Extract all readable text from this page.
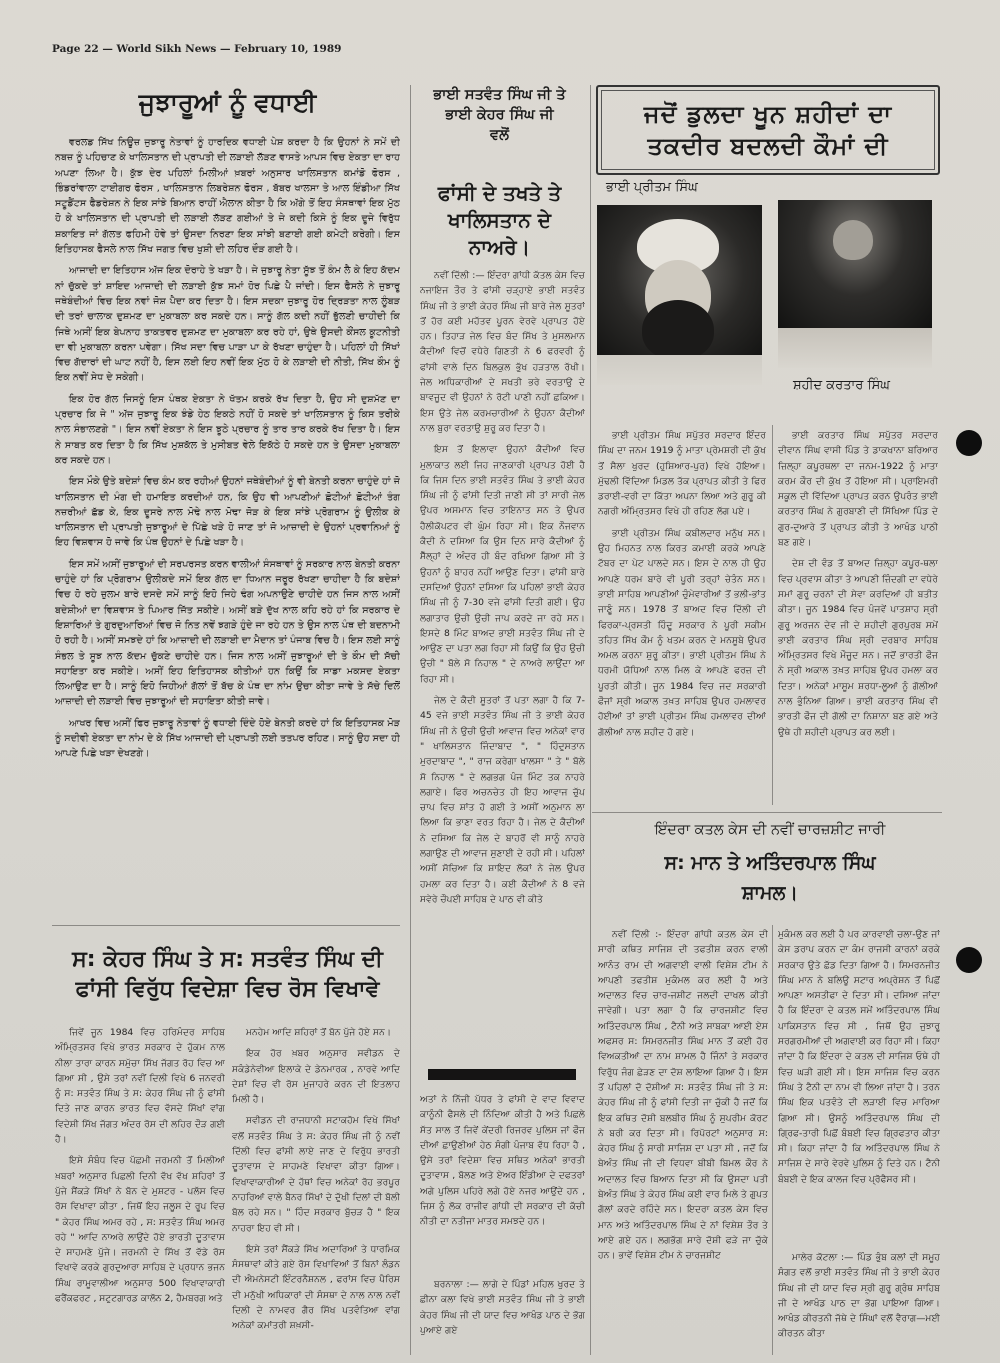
Page 22 — World Sikh News — February 10, 1989
ਜੁਝਾਰੂਆਂ ਨੂੰ ਵਧਾਈ

ਵਰਲਡ ਸਿੱਖ ਨਿਊਜ਼ ਜੁਝਾਰੂ ਨੇਤਾਵਾਂ ਨੂੰ ਹਾਰਦਿਕ ਵਧਾਈ ਪੇਸ਼ ਕਰਦਾ ਹੈ ਕਿ ਉਹਨਾਂ ਨੇ ਸਮੇਂ ਦੀ ਨਬਜ਼ ਨੂੰ ਪਹਿਚਾਣ ਕੇ ਖਾਲਿਸਤਾਨ ਦੀ ਪ੍ਰਾਪਤੀ ਦੀ ਲੜਾਈ ਲੱੜਣ ਵਾਸਤੇ ਆਪਸ ਵਿਚ ਏਕਤਾ ਦਾ ਰਾਹ ਅਪਣਾ ਲਿਆ ਹੈ। ਕੁੱਝ ਦੇਰ ਪਹਿਲਾਂ ਮਿਲੀਆਂ ਖ਼ਬਰਾਂ ਅਨੁਸਾਰ ਖਾਲਿਸਤਾਨ ਕਮਾਂਡੋ ਫੋਰਸ , ਭਿੰਡਰਾਂਵਾਲਾ ਟਾਈਗਰ ਫੋਰਸ , ਖਾਲਿਸਤਾਨ ਲਿਬਰੇਸ਼ਨ ਫੋਰਸ , ਬੱਬਰ ਖਾਲਸਾ ਤੇ ਆਲ ਇੰਡੀਆ ਸਿੱਖ ਸਟੂਡੈਂਟਸ ਫੈਡਰੇਸ਼ਨ ਨੇ ਇਕ ਸਾਂਝੇ ਬਿਆਨ ਰਾਹੀਂ ਐਲਾਨ ਕੀਤਾ ਹੈ ਕਿ ਅੱਗੇ ਤੋਂ ਇਹ ਸੰਸਥਾਵਾਂ ਇਕ ਮੁੱਠ ਹੋ ਕੇ ਖਾਲਿਸਤਾਨ ਦੀ ਪ੍ਰਾਪਤੀ ਦੀ ਲੜਾਈ ਲੱੜਣ ਗਈਆਂ ਤੇ ਜੇ ਕਦੀ ਕਿਸੇ ਨੂੰ ਇਕ ਦੂਜੇ ਵਿਰੁੱਧ ਸ਼ਕਾਇਤ ਜਾਂ ਗੱਲਤ ਫਹਿਮੀ ਹੋਵੇ ਤਾਂ ਉਸਦਾ ਨਿਰਣਾ ਇਕ ਸਾਂਝੀ ਬਣਾਈ ਗਈ ਕਮੇਟੀ ਕਰੇਗੀ। ਇਸ ਇਤਿਹਾਸਕ ਫੈਸਲੇ ਨਾਲ ਸਿੱਖ ਜਗਤ ਵਿਚ ਖੁਸ਼ੀ ਦੀ ਲਹਿਰ ਦੌੜ ਗਈ ਹੈ।

ਆਜਾਦੀ ਦਾ ਇਤਿਹਾਸ ਅੱਜ ਇਕ ਦੋਰਾਹੇ ਤੇ ਖੜਾ ਹੈ। ਜੇ ਜੁਝਾਰੂ ਨੇਤਾ ਸੂੱਝ ਤੋਂ ਕੰਮ ਲੈ ਕੇ ਇਹ ਕੱਦਮ ਨਾਂ ਚੁੱਕਦੇ ਤਾਂ ਸ਼ਾਇਦ ਆਜਾਦੀ ਦੀ ਲੜਾਈ ਕੁੱਝ ਸਮਾਂ ਹੋਰ ਪਿਛੇ ਪੈ ਜਾਂਦੀ। ਇਸ ਫੈਸਲੇ ਨੇ ਜੁਝਾਰੂ ਜਥੇਬੰਦੀਆਂ ਵਿਚ ਇਕ ਨਵਾਂ ਜੋਸ਼ ਪੈਦਾ ਕਰ ਦਿਤਾ ਹੈ। ਇਸ ਸਦਕਾ ਜੁਝਾਰੂ ਹੋਰ ਦ੍ਰਿੜਤਾ ਨਾਲ ਲੂੰਬੜ ਦੀ ਤਰਾਂ ਚਾਲਾਕ ਦੁਸ਼ਮਣ ਦਾ ਮੁਕਾਬਲਾ ਕਰ ਸਕਦੇ ਹਨ। ਸਾਨੂੰ ਗੱਲ ਕਦੀ ਨਹੀਂ ਭੁੱਲਣੀ ਚਾਹੀਦੀ ਕਿ ਜਿਥੇ ਅਸੀਂ ਇਕ ਬੇਪਨਾਹ ਤਾਕਤਵਰ ਦੁਸ਼ਮਣ ਦਾ ਮੁਕਾਬਲਾ ਕਰ ਰਹੇ ਹਾਂ, ਉਥੇ ਉਸਦੀ ਕੌਂਸਲ ਕੂਟਨੀਤੀ ਦਾ ਵੀ ਮੁਕਾਬਲਾ ਕਰਨਾ ਪਵੇਗਾ। ਸਿੱਖ ਸਦਾ ਵਿਚ ਪਾੜਾ ਪਾ ਕੇ ਰੱਖਣਾ ਚਾਹੁੰਦਾ ਹੈ। ਪਹਿਲਾਂ ਹੀ ਸਿੱਖਾਂ ਵਿਚ ਗੱਦਾਰਾਂ ਦੀ ਘਾਟ ਨਹੀਂ ਹੈ, ਇਸ ਲਈ ਇਹ ਨਵੀਂ ਇਕ ਮੁੱਠ ਹੋ ਕੇ ਲੜਾਈ ਦੀ ਨੀਤੀ, ਸਿੱਖ ਕੌਮ ਨੂੰ ਇਕ ਨਵੀਂ ਸੇਧ ਦੇ ਸਕੇਗੀ।

ਇਕ ਹੋਰ ਗੱਲ ਜਿਸਨੂੰ ਇਸ ਪੰਥਕ ਏਕਤਾ ਨੇ ਖੱਤਮ ਕਰਕੇ ਰੱਖ ਦਿਤਾ ਹੈ, ਉਹ ਸੀ ਦੁਸ਼ਮੱਣ ਦਾ ਪ੍ਰਚਾਰ ਕਿ ਜੇ " ਅੱਜ ਜੁਝਾਰੂ ਇਕ ਝੰਡੇ ਹੇਠ ਇਕਠੇ ਨਹੀਂ ਹੋ ਸਕਦੇ ਤਾਂ ਖਾਲਿਸਤਾਨ ਨੂੰ ਕਿਸ ਤਰੀਕੇ ਨਾਲ ਸੰਭਾਲਣਗੇ "। ਇਸ ਨਵੀਂ ਏਕਤਾ ਨੇ ਇਸ ਝੂਠੇ ਪ੍ਰਚਾਰ ਨੂੰ ਤਾਰ ਤਾਰ ਕਰਕੇ ਰੱਖ ਦਿਤਾ ਹੈ। ਇਸ ਨੇ ਸਾਬਤ ਕਰ ਦਿਤਾ ਹੈ ਕਿ ਸਿੱਖ ਮੁਸ਼ਕੱਲ ਤੇ ਮੁਸੀਬਤ ਵੇਲੇ ਇਕੱਠੇ ਹੋ ਸਕਦੇ ਹਨ ਤੇ ਉਸਦਾ ਮੁਕਾਬਲਾ ਕਰ ਸਕਦੇ ਹਨ।

ਇਸ ਮੌਕੇ ਉਤੇ ਬਦੇਸ਼ਾਂ ਵਿਚ ਕੰਮ ਕਰ ਰਹੀਆਂ ਉਹਨਾਂ ਜਥੇਬੰਦੀਆਂ ਨੂੰ ਵੀ ਬੇਨਤੀ ਕਰਨਾ ਚਾਹੁੰਦੇ ਹਾਂ ਜੋ ਖਾਲਿਸਤਾਨ ਦੀ ਮੰਗ ਦੀ ਹਮਾਇਤ ਕਰਦੀਆਂ ਹਨ, ਕਿ ਉਹ ਵੀ ਆਪਣੀਆਂ ਛੋਟੀਆਂ ਛੋਟੀਆਂ ਤੰਗ ਨਜ਼ਰੀਆਂ ਛੱਡ ਕੇ, ਇਕ ਦੂਸਰੇ ਨਾਲ ਮੋਢੇ ਨਾਲ ਮੋਢਾ ਜੋੜ ਕੇ ਇਕ ਸਾਂਝੇ ਪ੍ਰੋਗਰਾਮ ਨੂੰ ਉਲੀਕ ਕੇ ਖਾਲਿਸਤਾਨ ਦੀ ਪ੍ਰਾਪਤੀ ਜੁਝਾਰੂਆਂ ਦੇ ਪਿੱਛੇ ਖੜੇ ਹੋ ਜਾਣ ਤਾਂ ਜੋ ਆਜ਼ਾਦੀ ਦੇ ਉਹਨਾਂ ਪ੍ਰਵਾਨਿਆਂ ਨੂੰ ਇਹ ਵਿਸ਼ਵਾਸ ਹੋ ਜਾਵੇ ਕਿ ਪੰਥ ਉਹਨਾਂ ਦੇ ਪਿਛੇ ਖੜਾ ਹੈ।

ਇਸ ਸਮੇਂ ਅਸੀਂ ਜੁਝਾਰੂਆਂ ਦੀ ਸਰਪਰਸਤ ਕਰਨ ਵਾਲੀਆਂ ਸੰਸਥਾਵਾਂ ਨੂੰ ਸਰਕਾਰ ਨਾਲ ਬੇਨਤੀ ਕਰਨਾ ਚਾਹੁੰਦੇ ਹਾਂ ਕਿ ਪ੍ਰੋਗਰਾਮ ਉਲੀਕਦੇ ਸਮੇਂ ਇਕ ਗੱਲ ਦਾ ਧਿਆਨ ਜਰੂਰ ਰੱਖਣਾ ਚਾਹੀਦਾ ਹੈ ਕਿ ਬਦੇਸ਼ਾਂ ਵਿਚ ਹੋ ਰਹੇ ਜ਼ੁਲਮ ਬਾਰੇ ਦਸਦੇ ਸਮੇਂ ਸਾਨੂੰ ਇਹੋ ਜਿਹੇ ਢੰਗ ਅਪਨਾਉਣੇ ਚਾਹੀਦੇ ਹਨ ਜਿਸ ਨਾਲ ਅਸੀਂ ਬਦੇਸ਼ੀਆਂ ਦਾ ਵਿਸ਼ਵਾਸ ਤੇ ਪਿਆਰ ਜਿੱਤ ਸਕੀਏ। ਅਸੀਂ ਬੜੇ ਦੁੱਖ ਨਾਲ ਕਹਿ ਰਹੇ ਹਾਂ ਕਿ ਸਰਕਾਰ ਦੇ ਇਸ਼ਾਰਿਆਂ ਤੇ ਗੁਰਦੁਆਰਿਆਂ ਵਿਚ ਜੋ ਨਿਤ ਨਵੇਂ ਝਗੜੇ ਹੁੰਦੇ ਜਾ ਰਹੇ ਹਨ ਤੇ ਉਸ ਨਾਲ ਪੰਥ ਦੀ ਬਦਨਾਮੀ ਹੋ ਰਹੀ ਹੈ। ਅਸੀਂ ਸਮਝਦੇ ਹਾਂ ਕਿ ਆਜ਼ਾਦੀ ਦੀ ਲੜਾਈ ਦਾ ਮੈਦਾਨ ਤਾਂ ਪੰਜਾਬ ਵਿਚ ਹੈ। ਇਸ ਲਈ ਸਾਨੂੰ ਸੰਭਲ ਤੇ ਸੂਝ ਨਾਲ ਕੱਦਮ ਚੁੱਕਣੇ ਚਾਹੀਦੇ ਹਨ। ਜਿਸ ਨਾਲ ਅਸੀਂ ਜੁਝਾਰੂਆਂ ਦੀ ਤੇ ਕੌਮ ਦੀ ਸੱਚੀ ਸਹਾਇਤਾ ਕਰ ਸਕੀਏ। ਅਸੀਂ ਇਹ ਇਤਿਹਾਸਕ ਕੀਤੀਆਂ ਹਨ ਕਿਉਂ ਕਿ ਸਾਡਾ ਮਕਸਦ ਏਕਤਾ ਲਿਆਉਣ ਦਾ ਹੈ। ਸਾਨੂੰ ਇਹੋ ਜਿਹੀਆਂ ਗੱਲਾਂ ਤੋਂ ਬੱਚ ਕੇ ਪੰਥ ਦਾ ਨਾਂਮ ਉਚਾ ਕੀਤਾ ਜਾਵੇ ਤੇ ਸੱਚੇ ਦਿਲੋਂ ਆਜ਼ਾਦੀ ਦੀ ਲੜਾਈ ਵਿਚ ਜੁਝਾਰੂਆਂ ਦੀ ਸਹਾਇਤਾ ਕੀਤੀ ਜਾਵੇ।

ਆਖਰ ਵਿਚ ਅਸੀਂ ਫਿਰ ਜੁਝਾਰੂ ਨੇਤਾਵਾਂ ਨੂੰ ਵਧਾਈ ਦਿੰਦੇ ਹੋਏ ਬੇਨਤੀ ਕਰਦੇ ਹਾਂ ਕਿ ਇਤਿਹਾਸਕ ਮੋੜ ਨੂੰ ਸਦੀਵੀ ਏਕਤਾ ਦਾ ਨਾਂਮ ਦੇ ਕੇ ਸਿੱਖ ਆਜਾਦੀ ਦੀ ਪ੍ਰਾਪਤੀ ਲਈ ਤਤਪਰ ਰਹਿਣ। ਸਾਨੂੰ ਉਹ ਸਦਾ ਹੀ ਆਪਣੇ ਪਿਛੇ ਖੜਾ ਦੇਖਣਗੇ।

ਸ: ਕੇਹਰ ਸਿੰਘ ਤੇ ਸ: ਸਤਵੰਤ ਸਿੰਘ ਦੀ
ਫਾਂਸੀ ਵਿਰੁੱਧ ਵਿਦੇਸ਼ਾ ਵਿਚ ਰੋਸ ਵਿਖਾਵੇ

ਜਿਵੇਂ ਜੂਨ 1984 ਵਿਚ ਹਰਿਮੰਦਰ ਸਾਹਿਬ ਅੰਮ੍ਰਿਤਸਰ ਵਿਖੇ ਭਾਰਤ ਸਰਕਾਰ ਦੇ ਹੁੱਕਮ ਨਾਲ ਨੀਲਾ ਤਾਰਾ ਕਾਰਨ ਸਮੁੱਚਾ ਸਿੱਖ ਜੱਗਤ ਰੋਹ ਵਿਚ ਆ ਗਿਆ ਸੀ , ਉਸੇ ਤਰਾਂ ਨਵੀਂ ਦਿਲੀ ਵਿਖੇ 6 ਜਨਵਰੀ ਨੂੰ ਸ: ਸਤਵੰਤ ਸਿੰਘ ਤੇ ਸ: ਕੇਹਰ ਸਿੰਘ ਜੀ ਨੂੰ ਫਾਂਸੀ ਦਿਤੇ ਜਾਣ ਕਾਰਨ ਭਾਰਤ ਵਿਚ ਵੱਸਦੇ ਸਿੱਖਾਂ ਵਾਂਗ ਵਿਦੇਸ਼ੀ ਸਿੱਖ ਜੱਗਤ ਅੰਦਰ ਰੋਸ ਦੀ ਲਹਿਰ ਦੌੜ ਗਈ ਹੈ।

ਇਸੇ ਸੰਬੰਧ ਵਿਚ ਪੱਛਮੀ ਜਰਮਨੀ ਤੋਂ ਮਿਲੀਆਂ ਖ਼ਬਰਾਂ ਅਨੁਸਾਰ ਪਿਛਲੀ ਦਿਨੀ ਵੱਖ ਵੱਖ ਸ਼ਹਿਰਾਂ ਤੋਂ ਪੁੱਜੇ ਸੈਂਕੜੇ ਸਿੱਖਾਂ ਨੇ ਬੋਨ ਦੇ ਮੁਸ਼ਟਰ - ਪਲੱਸ ਵਿਚ ਰੋਸ ਵਿਖਾਵਾ ਕੀਤਾ , ਜਿਥੋਂ ਇਹ ਜਲੂਸ ਦੇ ਰੂਪ ਵਿਚ " ਕੇਹਰ ਸਿੰਘ ਅਮਰ ਰਹੇ , ਸ: ਸਤਵੰਤ ਸਿੰਘ ਅਮਰ ਰਹੇ " ਆਦਿ ਨਾਅਰੇ ਲਾਉਂਦੇ ਹੋਏ ਭਾਰਤੀ ਦੂਤਾਵਾਸ ਦੇ ਸਾਹਮਣੇ ਪੁੱਜੇ। ਜਰਮਨੀ ਦੇ ਸਿੱਖ ਤੋਂ ਵੱਡੇ ਰੋਸ ਵਿਖਾਵੇ ਕਰਕੇ ਗੁਰਦੁਆਰਾ ਸਾਹਿਬ ਦੇ ਪ੍ਰਧਾਨ ਭਜਨ ਸਿੰਘ ਰਾਮੂਵਾਲੀਆ ਅਨੁਸਾਰ 500 ਵਿਖਾਵਾਕਾਰੀ ਫਰੈਂਕਫਰਟ , ਸਟੁਟਗਾਰਡ ਕਾਲੋਨ 2, ਹੈਮਬਰਗ ਅਤੇ

ਮਨਹੇਮ ਆਦਿ ਸ਼ਹਿਰਾਂ ਤੋਂ ਬੋਨ ਪੁੱਜੇ ਹੋਏ ਸਨ।

ਇਕ ਹੋਰ ਖ਼ਬਰ ਅਨੁਸਾਰ ਸਵੀਡਨ ਦੇ ਸਕੰਡੇਨੇਵੀਆ ਇਲਾਕੇ ਦੇ ਡੇਨਮਾਰਕ , ਨਾਰਵੇ ਆਦਿ ਦੇਸ਼ਾਂ ਵਿਚ ਵੀ ਰੋਸ ਮੁਜਾਹਰੇ ਕਰਨ ਦੀ ਇਤਲਾਹ ਮਿਲੀ ਹੈ।

ਸਵੀਡਨ ਦੀ ਰਾਜਧਾਨੀ ਸਟਾਕਹੋਮ ਵਿਖੇ ਸਿੱਖਾਂ ਵਲੋਂ ਸਤਵੰਤ ਸਿੰਘ ਤੇ ਸ: ਕੇਹਰ ਸਿੰਘ ਜੀ ਨੂੰ ਨਵੀਂ ਦਿੱਲੀ ਵਿਚ ਫਾਂਸੀ ਲਾਏ ਜਾਣ ਦੇ ਵਿਰੁੱਧ ਭਾਰਤੀ ਦੂਤਾਵਾਸ ਦੇ ਸਾਹਮਣੇ ਵਿਖਾਵਾ ਕੀਤਾ ਗਿਆ। ਵਿਖਾਵਾਕਾਰੀਆਂ ਦੇ ਹੱਥਾਂ ਵਿਚ ਅਨੇਕਾਂ ਰੋਹ ਭਰਪੂਰ ਨਾਹਰਿਆਂ ਵਾਲੇ ਬੈਨਰ ਸਿੱਖਾਂ ਦੇ ਦੁੱਖੀ ਦਿਲਾਂ ਦੀ ਬੋਲੀ ਬੋਲ ਰਹੇ ਸਨ। " ਹਿੰਦ ਸਰਕਾਰ ਬੁੱਚੜ ਹੈ " ਇਕ ਨਾਹਰਾ ਇਹ ਵੀ ਸੀ।

ਇਸੇ ਤਰਾਂ ਸੈਂਕੜੇ ਸਿੱਖ ਅਦਾਰਿਆਂ ਤੇ ਧਾਰਮਿਕ ਸੰਸਥਾਵਾਂ ਕੀਤੇ ਗਏ ਰੋਸ ਵਿਖਾਵਿਆਂ ਤੋਂ ਬਿਨਾਂ ਲੰਡਨ ਦੀ ਐਮਨੇਸਟੀ ਇੰਟਰਨੈਸ਼ਨਲ , ਫਰਾਂਸ ਵਿਚ ਪੈਰਿਸ ਦੀ ਮਨੁੱਖੀ ਅਧਿਕਾਰਾਂ ਦੀ ਸੰਸਥਾ ਦੇ ਨਾਲ ਨਾਲ ਨਵੀਂ ਦਿਲੀ ਦੇ ਨਾਮਵਰ ਗੈਰ ਸਿੱਖ ਪਤਵੰਤਿਆ ਵਾਂਗ ਅਨੇਕਾਂ ਕਮਾਂਤਰੀ ਸ਼ਖ਼ਸੀ-

ਭਾਈ ਸਤਵੰਤ ਸਿੰਘ ਜੀ ਤੇ
ਭਾਈ ਕੇਹਰ ਸਿੰਘ ਜੀ
ਵਲੋਂ
ਫਾਂਸੀ ਦੇ ਤਖਤੇ ਤੇ
ਖਾਲਿਸਤਾਨ ਦੇ
ਨਾਅਰੇ।

ਨਵੀਂ ਦਿੱਲੀ :— ਇੰਦਰਾ ਗਾਂਧੀ ਕੱਤਲ ਕੇਸ ਵਿਚ ਨਜਾਇਜ ਤੌਰ ਤੇ ਫਾਂਸੀ ਚੜ੍ਹਾਏ ਭਾਈ ਸਤਵੰਤ ਸਿੰਘ ਜੀ ਤੇ ਭਾਈ ਕੇਹਰ ਸਿੰਘ ਜੀ ਬਾਰੇ ਜੇਲ ਸੂਤਰਾਂ ਤੋਂ ਹੋਰ ਕਈ ਮਹੱਤਵ ਪੂਰਨ ਵੇਰਵੇ ਪ੍ਰਾਪਤ ਹੋਏ ਹਨ। ਤਿਹਾੜ ਜੇਲ ਵਿਚ ਬੰਦ ਸਿੱਖ ਤੇ ਮੁਸਲਮਾਨ ਕੈਦੀਆਂ ਵਿਚੋਂ ਵਧੇਰੇ ਗਿਣਤੀ ਨੇ 6 ਫਰਵਰੀ ਨੂੰ ਫਾਂਸੀ ਵਾਲੇ ਦਿਨ ਬਿਲਕੁਲ ਭੁੱਖ ਹੜਤਾਲ ਰੱਖੀ। ਜੇਲ ਅਧਿਕਾਰੀਆਂ ਦੇ ਸਖਤੀ ਭਰੇ ਵਰਤਾਉ ਦੇ ਬਾਵਜੂਦ ਵੀ ਉਹਨਾਂ ਨੇ ਰੋਟੀ ਪਾਣੀ ਨਹੀਂ ਛਕਿਆ। ਇਸ ਉਤੇ ਜੇਲ ਕਰਮਚਾਰੀਆਂ ਨੇ ਉਹਨਾ ਕੈਦੀਆਂ ਨਾਲ ਬੁਰਾ ਵਰਤਾਉ ਸ਼ੁਰੂ ਕਰ ਦਿਤਾ ਹੈ।

ਇਸ ਤੋਂ ਇਲਾਵਾ ਉਹਨਾਂ ਕੈਦੀਆਂ ਵਿਚ ਮੁਲਾਕਾਤ ਲਈ ਜਿਹ ਜਾਣਕਾਰੀ ਪ੍ਰਾਪਤ ਹੋਈ ਹੈ ਕਿ ਜਿਸ ਦਿਨ ਭਾਈ ਸਤਵੰਤ ਸਿੰਘ ਤੇ ਭਾਈ ਕੇਹਰ ਸਿੰਘ ਜੀ ਨੂੰ ਫਾਂਸੀ ਦਿਤੀ ਜਾਣੀ ਸੀ ਤਾਂ ਸਾਰੀ ਜੇਲ ਉਪਰ ਅਸਮਾਨ ਵਿਚ ਤਾਇਨਾਤ ਸਨ ਤੇ ਉਪਰ ਹੈਲੀਕੋਪਟਰ ਵੀ ਘੁੰਮ ਰਿਹਾ ਸੀ। ਇਕ ਨੌਜਵਾਨ ਕੈਦੀ ਨੇ ਦਸਿਆ ਕਿ ਉਸ ਦਿਨ ਸਾਰੇ ਕੈਦੀਆਂ ਨੂੰ ਸੈੱਲ੍ਹਾਂ ਦੇ ਅੰਦਰ ਹੀ ਬੰਦ ਰਖਿਆ ਗਿਆ ਸੀ ਤੇ ਉਹਨਾਂ ਨੂੰ ਬਾਹਰ ਨਹੀਂ ਆਉਣ ਦਿਤਾ। ਫਾਂਸੀ ਬਾਰੇ ਦਸਦਿਆਂ ਉਹਨਾਂ ਦਸਿਆ ਕਿ ਪਹਿਲਾਂ ਭਾਈ ਕੇਹਰ ਸਿੰਘ ਜੀ ਨੂੰ 7-30 ਵਜੇ ਫਾਂਸੀ ਦਿਤੀ ਗਈ। ਉਹ ਲਗਾਤਾਰ ਉਚੀ ਉਚੀ ਜਾਪ ਕਰਦੇ ਜਾ ਰਹੇ ਸਨ। ਇਸਦੇ 8 ਮਿੰਟ ਬਾਅਦ ਭਾਈ ਸਤਵੰਤ ਸਿੰਘ ਜੀ ਦੇ ਆਉਣ ਦਾ ਪਤਾ ਲਗ ਰਿਹਾ ਸੀ ਕਿਉਂ ਕਿ ਉਹ ਉਚੀ ਉਚੀ " ਬੋਲੇ ਸੋ ਨਿਹਾਲ " ਦੇ ਨਾਅਰੇ ਲਾਉਂਦਾ ਆ ਰਿਹਾ ਸੀ।

ਜੇਲ ਦੇ ਕੈਦੀ ਸੂਤਰਾਂ ਤੋਂ ਪਤਾ ਲਗਾ ਹੈ ਕਿ 7-45 ਵਜੇ ਭਾਈ ਸਤਵੰਤ ਸਿੰਘ ਜੀ ਤੇ ਭਾਈ ਕੇਹਰ ਸਿੰਘ ਜੀ ਨੇ ਉਚੀ ਉਚੀ ਆਵਾਜ ਵਿਚ ਅਨੇਕਾਂ ਵਾਰ " ਖਾਲਿਸਤਾਨ ਜਿੰਦਾਬਾਦ ", " ਹਿੰਦੁਸਤਾਨ ਮੁਰਦਾਬਾਦ ", " ਰਾਜ ਕਰੇਗਾ ਖਾਲਸਾ " ਤੇ " ਬੋਲੇ ਸੋ ਨਿਹਾਲ " ਦੇ ਲਗਭਗ ਪੰਜ ਮਿੰਟ ਤਕ ਨਾਹਰੇ ਲਗਾਏ। ਫਿਰ ਅਚਨਚੇਤ ਹੀ ਇਹ ਆਵਾਜ ਚੁੱਪ ਚਾਪ ਵਿਚ ਸ਼ਾਂਤ ਹੋ ਗਈ ਤੇ ਅਸੀਂ ਅਨੁਮਾਨ ਲਾ ਲਿਆ ਕਿ ਭਾਣਾ ਵਰਤ ਰਿਹਾ ਹੈ। ਜੇਲ ਦੇ ਕੈਦੀਆਂ ਨੇ ਦਸਿਆ ਕਿ ਜੇਲ ਦੇ ਬਾਹਰੋਂ ਵੀ ਸਾਨੂੰ ਨਾਹਰੇ ਲਗਾਉਣ ਦੀ ਆਵਾਜ ਸੁਣਾਈ ਦੇ ਰਹੀ ਸੀ। ਪਹਿਲਾਂ ਅਸੀਂ ਸੋਚਿਆ ਕਿ ਸ਼ਾਇਦ ਲੋਕਾਂ ਨੇ ਜੇਲ ਉਪਰ ਹਮਲਾ ਕਰ ਦਿਤਾ ਹੈ। ਕਈ ਕੈਦੀਆਂ ਨੇ 8 ਵਜੇ ਸਵੇਰੇ ਚੌਪਈ ਸਾਹਿਬ ਦੇ ਪਾਠ ਵੀ ਕੀਤੇ

ਅਤਾਂ ਨੇ ਨਿੱਜੀ ਪੱਧਰ ਤੇ ਫਾਂਸੀ ਦੇ ਵਾਦ ਵਿਵਾਦ ਕਾਨੂੰਨੀ ਫੈਸਲੇ ਦੀ ਨਿੰਦਿਆ ਕੀਤੀ ਹੈ ਅਤੇ ਪਿਛਲੇ ਸੱਤ ਸਾਲ ਤੋਂ ਜਿਵੇਂ ਕੇਂਦਰੀ ਰਿਜਰਵ ਪੁਲਿਸ ਜਾਂ ਫੌਜ ਦੀਆਂ ਛਾਉਣੀਆਂ ਹੇਠ ਸੰਗੀ ਪੰਜਾਬ ਵੱਧ ਰਿਹਾ ਹੈ , ਉਸੇ ਤਰਾਂ ਵਿਦੇਸ਼ਾ ਵਿਚ ਸਥਿਤ ਅਨੇਕਾਂ ਭਾਰਤੀ ਦੂਤਾਵਾਸ , ਬੋਲਣ ਅਤੇ ਏਅਰ ਇੰਡੀਆ ਦੇ ਦਫਤਰਾਂ ਅਗੇ ਪੁਲਿਸ ਪਹਿਰੇ ਲਗੇ ਹੋਏ ਨਜਰ ਆਉਂਦੇ ਹਨ , ਜਿਸ ਨੂੰ ਲੋਕ ਰਾਜੀਵ ਗਾਂਧੀ ਦੀ ਸਰਕਾਰ ਦੀ ਕੱਚੀ ਨੀਤੀ ਦਾ ਨਤੀਜਾ ਮਾਤਰ ਸਮਝਦੇ ਹਨ।

ਬਰਨਾਲਾ :— ਲਾਗੇ ਦੇ ਪਿੰਡਾਂ ਮਹਿਲ ਖੁਰਦ ਤੇ ਛੀਨਾ ਕਲਾ ਵਿਖੇ ਭਾਈ ਸਤਵੰਤ ਸਿੰਘ ਜੀ ਤੇ ਭਾਈ ਕੇਹਰ ਸਿੰਘ ਜੀ ਦੀ ਯਾਦ ਵਿਚ ਆਖੰਡ ਪਾਠ ਦੇ ਭੋਗ ਪੁਆਏ ਗਏ

ਜਦੋਂ ਡੁਲਦਾ ਖੂਨ ਸ਼ਹੀਦਾਂ ਦਾ
ਤਕਦੀਰ ਬਦਲਦੀ ਕੌਮਾਂ ਦੀ
ਭਾਈ ਪ੍ਰੀਤਮ ਸਿੰਘ
ਸ਼ਹੀਦ ਕਰਤਾਰ ਸਿੰਘ

ਭਾਈ ਪ੍ਰੀਤਮ ਸਿੰਘ ਸਪੁੱਤਰ ਸਰਦਾਰ ਇੰਦਰ ਸਿੰਘ ਦਾ ਜਨਮ 1919 ਨੂੰ ਮਾਤਾ ਪ੍ਰੇਮਸ਼ਰੀ ਦੀ ਕੁੱਖ ਤੋਂ ਸੈਲਾ ਖੁਰਦ (ਹੁਸ਼ਿਆਰ-ਪੁਰ) ਵਿਖੇ ਹੋਇਆ। ਮੁੱਢਲੀ ਵਿੱਦਿਆ ਮਿਡਲ ਤੱਕ ਪ੍ਰਾਪਤ ਕੀਤੀ ਤੇ ਫਿਰ ਡਰਾਈ-ਵਰੀ ਦਾ ਕਿੱਤਾ ਅਪਨਾ ਲਿਆ ਅਤੇ ਗੁਰੂ ਕੀ ਨਗਰੀ ਅੰਮ੍ਰਿਤਸਰ ਵਿਖੇ ਹੀ ਰਹਿਣ ਲੱਗ ਪਏ।

ਭਾਈ ਪ੍ਰੀਤਮ ਸਿੰਘ ਕਬੀਲਦਾਰ ਮਨੁੱਖ ਸਨ। ਉਹ ਮਿਹਨਤ ਨਾਲ ਕਿਰਤ ਕਮਾਈ ਕਰਕੇ ਆਪਣੇ ਟੱਬਰ ਦਾ ਪੇਟ ਪਾਲਦੇ ਸਨ। ਇਸ ਦੇ ਨਾਲ ਹੀ ਉਹ ਆਪਣੇ ਧਰਮ ਬਾਰੇ ਵੀ ਪੂਰੀ ਤਰ੍ਹਾਂ ਚੇਤੰਨ ਸਨ। ਭਾਈ ਸਾਹਿਬ ਆਪਣੀਆਂ ਚੁੰਮੇਵਾਰੀਆਂ ਤੋਂ ਭਲੀ-ਭਾਂਤ ਜਾਣੂੰ ਸਨ। 1978 ਤੋਂ ਬਾਅਦ ਵਿਚ ਦਿੱਲੀ ਦੀ ਫਿਰਕਾ-ਪ੍ਰਸਤੀ ਹਿੰਦੂ ਸਰਕਾਰ ਨੇ ਪੂਰੀ ਸਕੀਮ ਤਹਿਤ ਸਿੱਖ ਕੌਮ ਨੂੰ ਖਤਮ ਕਰਨ ਦੇ ਮਨਸੂਬੇ ਉਪਰ ਅਮਲ ਕਰਨਾ ਸ਼ੁਰੂ ਕੀਤਾ। ਭਾਈ ਪ੍ਰੀਤਮ ਸਿੰਘ ਨੇ ਧਰਮੀ ਯੋਧਿਆਂ ਨਾਲ ਮਿਲ ਕੇ ਆਪਣੇ ਫਰਜ਼ ਦੀ ਪੂਰਤੀ ਕੀਤੀ। ਜੂਨ 1984 ਵਿਚ ਜਦ ਸਰਕਾਰੀ ਫੌਜਾਂ ਸ੍ਰੀ ਅਕਾਲ ਤਖ਼ਤ ਸਾਹਿਬ ਉਪਰ ਹਮਲਾਵਰ ਹੋਈਆਂ ਤਾਂ ਭਾਈ ਪ੍ਰੀਤਮ ਸਿੰਘ ਹਮਲਾਵਰ ਦੀਆਂ ਗੋਲੀਆਂ ਨਾਲ ਸ਼ਹੀਦ ਹੋ ਗਏ।

ਭਾਈ ਕਰਤਾਰ ਸਿੰਘ ਸਪੁੱਤਰ ਸਰਦਾਰ ਦੀਵਾਨ ਸਿੰਘ ਵਾਸੀ ਪਿੰਡ ਤੇ ਡਾਕਖਾਨਾ ਬਰਿਆਰ ਜ਼ਿਲ੍ਹਾ ਕਪੂਰਥਲਾ ਦਾ ਜਨਮ-1922 ਨੂੰ ਮਾਤਾ ਕਰਮ ਕੌਰ ਦੀ ਕੁੱਖ ਤੋਂ ਹੋਇਆ ਸੀ। ਪ੍ਰਾਇਮਰੀ ਸਕੂਲ ਦੀ ਵਿੱਦਿਆ ਪ੍ਰਾਪਤ ਕਰਨ ਉਪਰੰਤ ਭਾਈ ਕਰਤਾਰ ਸਿੰਘ ਨੇ ਗੁਰਬਾਣੀ ਦੀ ਸਿੱਖਿਆ ਪਿੰਡ ਦੇ ਗੁਰ-ਦੁਆਰੇ ਤੋਂ ਪ੍ਰਾਪਤ ਕੀਤੀ ਤੇ ਆਖੰਡ ਪਾਠੀ ਬਣ ਗਏ।

ਦੇਸ਼ ਦੀ ਵੰਡ ਤੋਂ ਬਾਅਦ ਜ਼ਿਲ੍ਹਾ ਕਪੂਰ-ਥਲਾ ਵਿਚ ਪ੍ਰਵਾਸ ਕੀਤਾ ਤੇ ਆਪਣੀ ਜ਼ਿੰਦਗੀ ਦਾ ਵਧੇਰੇ ਸਮਾਂ ਗੁਰੂ ਚਰਨਾਂ ਦੀ ਸੇਵਾ ਕਰਦਿਆਂ ਹੀ ਬਤੀਤ ਕੀਤਾ। ਜੂਨ 1984 ਵਿਚ ਪੰਜਵੇਂ ਪਾਤਸ਼ਾਹ ਸ੍ਰੀ ਗੁਰੂ ਅਰਜਨ ਦੇਵ ਜੀ ਦੇ ਸ਼ਹੀਦੀ ਗੁਰਪੁਰਬ ਸਮੇਂ ਭਾਈ ਕਰਤਾਰ ਸਿੰਘ ਸ੍ਰੀ ਦਰਬਾਰ ਸਾਹਿਬ ਅੰਮ੍ਰਿਤਸਰ ਵਿਖੇ ਮੌਜੂਦ ਸਨ। ਜਦੋਂ ਭਾਰਤੀ ਫੌਜ ਨੇ ਸ੍ਰੀ ਅਕਾਲ ਤਖ਼ਤ ਸਾਹਿਬ ਉਪਰ ਹਮਲਾ ਕਰ ਦਿਤਾ। ਅਨੇਕਾਂ ਮਾਸੂਮ ਸ਼ਰਧਾ-ਲੂਆਂ ਨੂੰ ਗੋਲੀਆਂ ਨਾਲ ਭੁੰਨਿਆ ਗਿਆ। ਭਾਈ ਕਰਤਾਰ ਸਿੰਘ ਵੀ ਭਾਰਤੀ ਫੌਜ ਦੀ ਗੋਲੀ ਦਾ ਨਿਸ਼ਾਨਾ ਬਣ ਗਏ ਅਤੇ ਉਥੇ ਹੀ ਸ਼ਹੀਦੀ ਪ੍ਰਾਪਤ ਕਰ ਲਈ।

ਇੰਦਰਾ ਕਤਲ ਕੇਸ ਦੀ ਨਵੀਂ ਚਾਰਜ਼ਸ਼ੀਟ ਜਾਰੀ
ਸ: ਮਾਨ ਤੇ ਅਤਿੰਦਰਪਾਲ ਸਿੰਘ
ਸ਼ਾਮਲ।

ਨਵੀਂ ਦਿੱਲੀ :- ਇੰਦਰਾ ਗਾਂਧੀ ਕਤਲ ਕੇਸ ਦੀ ਸਾਰੀ ਕਥਿਤ ਸਾਜਿਸ਼ ਦੀ ਤਫਤੀਸ਼ ਕਰਨ ਵਾਲੀ ਆਨੰਤ ਰਾਮ ਦੀ ਅਗਵਾਈ ਵਾਲੀ ਵਿਸ਼ੇਸ਼ ਟੀਮ ਨੇ ਆਪਣੀ ਤਫਤੀਸ਼ ਮੁਕੰਮਲ ਕਰ ਲਈ ਹੈ ਅਤੇ ਅਦਾਲਤ ਵਿਚ ਚਾਰ-ਜਸ਼ੀਟ ਜਲਦੀ ਦਾਖਲ ਕੀਤੀ ਜਾਵੇਗੀ। ਪਤਾ ਲਗਾ ਹੈ ਕਿ ਚਾਰਜਸ਼ੀਟ ਵਿਚ ਅਤਿੰਦਰਪਾਲ ਸਿੰਘ , ਟੈਨੀ ਅਤੇ ਸਾਬਕਾ ਆਈ ਏਸ ਅਫਸਰ ਸ: ਸਿਮਰਨਜੀਤ ਸਿੰਘ ਮਾਨ ਤੋਂ ਕਈ ਹੋਰ ਵਿਅਕਤੀਆਂ ਦਾ ਨਾਮ ਸ਼ਾਮਲ ਹੈ ਜਿੰਨਾਂ ਤੇ ਸਰਕਾਰ ਵਿਰੁੱਧ ਜੰਗ ਛੇੜਣ ਦਾ ਦੋਸ਼ ਲਾਇਆ ਗਿਆ ਹੈ। ਇਸ ਤੋਂ ਪਹਿਲਾਂ ਦੋ ਦੋਸ਼ੀਆਂ ਸ: ਸਤਵੰਤ ਸਿੰਘ ਜੀ ਤੇ ਸ: ਕੇਹਰ ਸਿੰਘ ਜੀ ਨੂੰ ਫਾਂਸੀ ਦਿਤੀ ਜਾ ਚੁੱਕੀ ਹੈ ਜਦੋਂ ਕਿ ਇਕ ਕਥਿਤ ਦੋਸ਼ੀ ਬਲਬੀਰ ਸਿੰਘ ਨੂੰ ਸੁਪਰੀਮ ਕੋਰਟ ਨੇ ਬਰੀ ਕਰ ਦਿਤਾ ਸੀ। ਰਿਪੋਰਟਾਂ ਅਨੁਸਾਰ ਸ: ਕੇਹਰ ਸਿੰਘ ਨੂੰ ਸਾਰੀ ਸਾਜਿਸ਼ ਦਾ ਪਤਾ ਸੀ , ਜਦੋਂ ਕਿ ਬੇਅੰਤ ਸਿੰਘ ਜੀ ਦੀ ਵਿਧਵਾ ਬੀਬੀ ਬਿਮਲ ਕੌਰ ਨੇ ਅਦਾਲਤ ਵਿਚ ਬਿਆਨ ਦਿਤਾ ਸੀ ਕਿ ਉਸਦਾ ਪਤੀ ਬੇਅੰਤ ਸਿੰਘ ਤੇ ਕੇਹਰ ਸਿੰਘ ਕਈ ਵਾਰ ਮਿਲੇ ਤੇ ਗੁਪਤ ਗੱਲਾਂ ਕਰਦੇ ਰਹਿੰਦੇ ਸਨ। ਇਦਰਾ ਕਤਲ ਕੇਸ ਵਿਚ ਮਾਨ ਅਤੇ ਅਤਿੰਦਰਪਾਲ ਸਿੰਘ ਦੇ ਨਾਂ ਵਿਸ਼ੇਸ਼ ਤੌਰ ਤੇ ਆਏ ਗਏ ਹਨ। ਲਗਭੱਗ ਸਾਰੇ ਦੋਸ਼ੀ ਫੜੇ ਜਾ ਚੁੱਕੇ ਹਨ। ਭਾਵੇਂ ਵਿਸ਼ੇਸ਼ ਟੀਮ ਨੇ ਚਾਰਜਸ਼ੀਟ

ਮੁਕੰਮਲ ਕਰ ਲਈ ਹੈ ਪਰ ਕਾਰਵਾਈ ਚਲਾ-ਉਣ ਜਾਂ ਕੇਸ ਡਰਾਪ ਕਰਨ ਦਾ ਕੰਮ ਰਾਜਸੀ ਕਾਰਨਾਂ ਕਰਕੇ ਸਰਕਾਰ ਉਤੇ ਛੱਡ ਦਿਤਾ ਗਿਆ ਹੈ। ਸਿਮਰਨਜੀਤ ਸਿੰਘ ਮਾਨ ਨੇ ਬਲਿਊ ਸਟਾਰ ਅਪ੍ਰੇਸ਼ਨ ਤੋਂ ਪਿਛੋਂ ਆਪਣਾ ਅਸਤੀਫਾ ਦੇ ਦਿਤਾ ਸੀ। ਦਸਿਆ ਜਾਂਦਾ ਹੈ ਕਿ ਇੰਦਰਾ ਦੇ ਕਤਲ ਸਮੇਂ ਅਤਿੰਦਰਪਾਲ ਸਿੰਘ ਪਾਕਿਸਤਾਨ ਵਿਚ ਸੀ , ਜਿਥੋਂ ਉਹ ਜੁਝਾਰੂ ਸਰਗਰਮੀਆਂ ਦੀ ਅਗਵਾਈ ਕਰ ਰਿਹਾ ਸੀ। ਕਿਹਾ ਜਾਂਦਾ ਹੈ ਕਿ ਇੰਦਰਾ ਦੇ ਕਤਲ ਦੀ ਸਾਜਿਸ਼ ਓਥੇ ਹੀ ਵਿਚ ਘੜੀ ਗਈ ਸੀ। ਇਸ ਸਾਜਿਸ਼ ਵਿਚ ਕਰਨ ਸਿੰਘ ਤੇ ਟੈਨੀ ਦਾ ਨਾਮ ਵੀ ਲਿਆ ਜਾਂਦਾ ਹੈ। ਤਰਨ ਸਿੰਘ ਇਕ ਪਤਵੰਤੇ ਦੀ ਲੜਾਈ ਵਿਚ ਮਾਰਿਆ ਗਿਆ ਸੀ। ਉਸਨੂੰ ਅਤਿੰਦਰਪਾਲ ਸਿੰਘ ਦੀ ਗ੍ਰਿਫ-ਤਾਰੀ ਪਿਛੋਂ ਬੰਬਈ ਵਿਚ ਗ੍ਰਿਫਤਾਰ ਕੀਤਾ ਸੀ। ਕਿਹਾ ਜਾਂਦਾ ਹੈ ਕਿ ਅਤਿੰਦਰਪਾਲ ਸਿੰਘ ਨੇ ਸਾਜਿਸ਼ ਦੇ ਸਾਰੇ ਵੇਰਵੇ ਪੁਲਿਸ ਨੂੰ ਦਿਤੇ ਹਨ। ਟੈਨੀ ਬੰਬਈ ਦੇ ਇਕ ਕਾਲਜ ਵਿਚ ਪ੍ਰੋਫੈਸਰ ਸੀ।

ਮਾਲੇਰ ਕੋਟਲਾ :— ਪਿੰਡ ਭੁੰਬ ਕਲਾਂ ਦੀ ਸਮੂਹ ਸੰਗਤ ਵਲੋਂ ਭਾਈ ਸਤਵੰਤ ਸਿੰਘ ਜੀ ਤੇ ਭਾਈ ਕੇਹਰ ਸਿੰਘ ਜੀ ਦੀ ਯਾਦ ਵਿਚ ਸ੍ਰੀ ਗੁਰੂ ਗ੍ਰੰਥ ਸਾਹਿਬ ਜੀ ਦੇ ਆਖੰਡ ਪਾਠ ਦਾ ਭੋਗ ਪਾਇਆ ਗਿਆ। ਆਖੰਡ ਕੀਰਤਨੀ ਜੱਥੇ ਦੇ ਸਿੰਘਾਂ ਵਲੋਂ ਵੈਰਾਗ—ਮਈ ਕੀਰਤਨ ਕੀਤਾ
